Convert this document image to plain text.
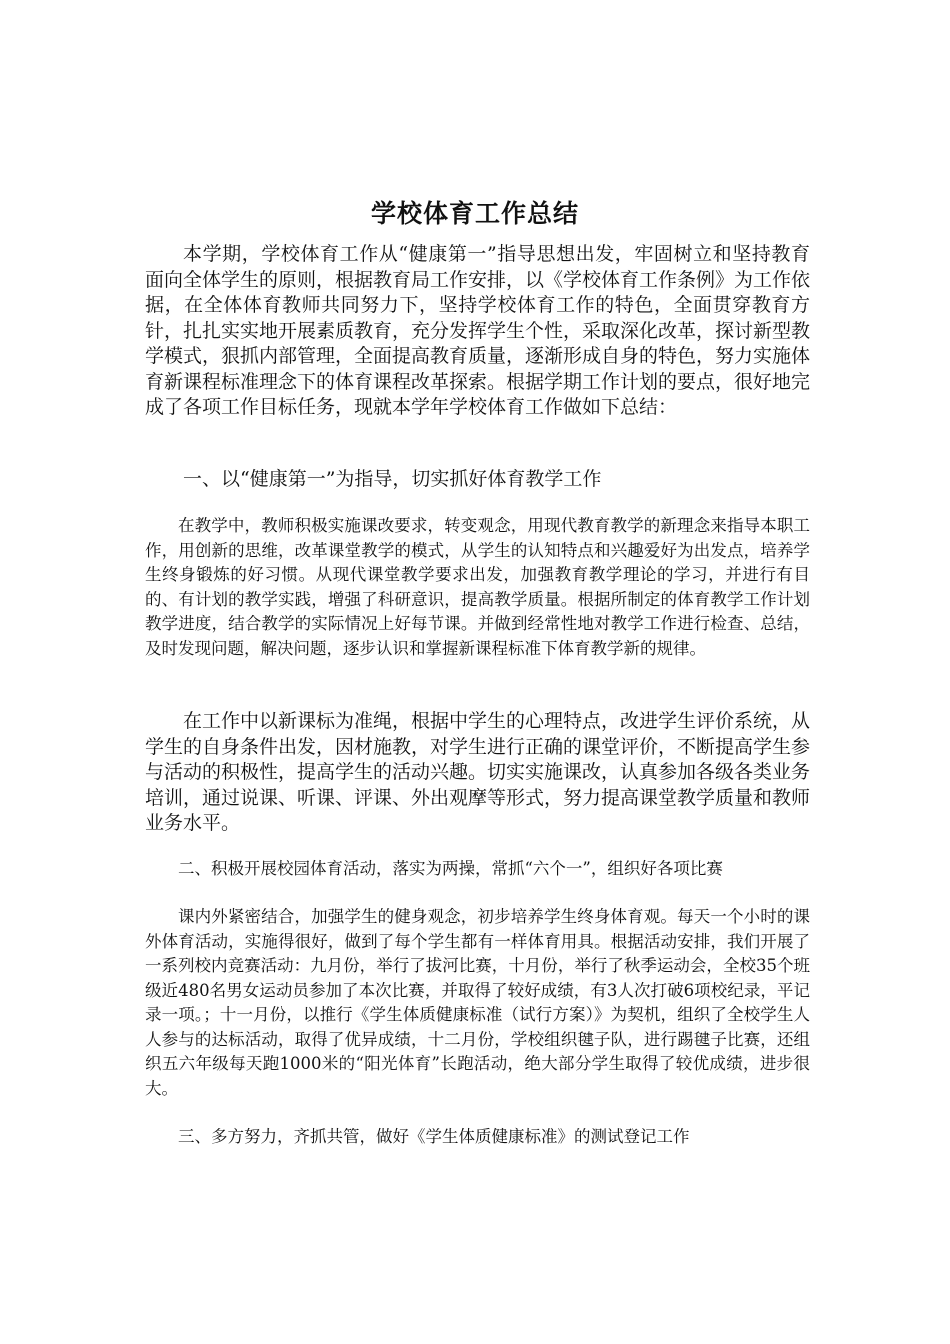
学校体育工作总结

本学期，学校体育工作从“健康第一”指导思想出发，牢固树立和坚持教育面向全体学生的原则，根据教育局工作安排，以《学校体育工作条例》为工作依据，在全体体育教师共同努力下，坚持学校体育工作的特色，全面贯穿教育方针，扎扎实实地开展素质教育，充分发挥学生个性，采取深化改革，探讨新型教学模式，狠抓内部管理，全面提高教育质量，逐渐形成自身的特色，努力实施体育新课程标准理念下的体育课程改革探索。根据学期工作计划的要点，很好地完成了各项工作目标任务，现就本学年学校体育工作做如下总结：

一、以“健康第一”为指导，切实抓好体育教学工作

在教学中，教师积极实施课改要求，转变观念，用现代教育教学的新理念来指导本职工作，用创新的思维，改革课堂教学的模式，从学生的认知特点和兴趣爱好为出发点，培养学生终身锻炼的好习惯。从现代课堂教学要求出发，加强教育教学理论的学习，并进行有目的、有计划的教学实践，增强了科研意识，提高教学质量。根据所制定的体育教学工作计划教学进度，结合教学的实际情况上好每节课。并做到经常性地对教学工作进行检查、总结，及时发现问题，解决问题，逐步认识和掌握新课程标准下体育教学新的规律。

在工作中以新课标为准绳，根据中学生的心理特点，改进学生评价系统，从学生的自身条件出发，因材施教，对学生进行正确的课堂评价，不断提高学生参与活动的积极性，提高学生的活动兴趣。切实实施课改，认真参加各级各类业务培训，通过说课、听课、评课、外出观摩等形式，努力提高课堂教学质量和教师业务水平。

二、积极开展校园体育活动，落实为两操，常抓“六个一”，组织好各项比赛

课内外紧密结合，加强学生的健身观念，初步培养学生终身体育观。每天一个小时的课外体育活动，实施得很好，做到了每个学生都有一样体育用具。根据活动安排，我们开展了一系列校内竞赛活动：九月份，举行了拔河比赛，十月份，举行了秋季运动会，全校35个班级近480名男女运动员参加了本次比赛，并取得了较好成绩，有3人次打破6项校纪录，平记录一项。；十一月份，以推行《学生体质健康标准（试行方案）》为契机，组织了全校学生人人参与的达标活动，取得了优异成绩，十二月份，学校组织毽子队，进行踢毽子比赛，还组织五六年级每天跑1000米的“阳光体育”长跑活动，绝大部分学生取得了较优成绩，进步很大。

三、多方努力，齐抓共管，做好《学生体质健康标准》的测试登记工作
